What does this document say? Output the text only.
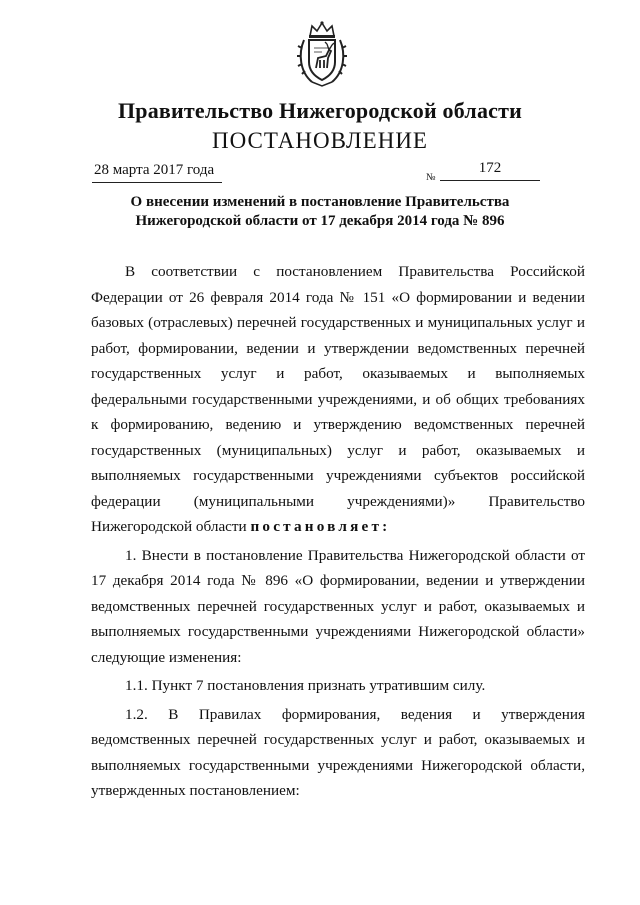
Правительство Нижегородской области
ПОСТАНОВЛЕНИЕ
28 марта 2017 года	№
172
О внесении изменений в постановление Правительства
Нижегородской области от 17 декабря 2014 года № 896

В соответствии с постановлением Правительства Российской Федерации от 26 февраля 2014 года № 151 «О формировании и ведении базовых (отраслевых) перечней государственных и муниципальных услуг и работ, формировании, ведении и утверждении ведомственных перечней государственных услуг и работ, оказываемых и выполняемых федеральными государственными учреждениями, и об общих требованиях к формированию, ведению и утверждению ведомственных перечней государственных (муниципальных) услуг и работ, оказываемых и выполняемых государственными учреждениями субъектов российской федерации (муниципальными учреждениями)» Правительство Нижегородской области постановляет:

1. Внести в постановление Правительства Нижегородской области от 17 декабря 2014 года № 896 «О формировании, ведении и утверждении ведомственных перечней государственных услуг и работ, оказываемых и выполняемых государственными учреждениями Нижегородской области» следующие изменения:

1.1. Пункт 7 постановления признать утратившим силу.

1.2. В Правилах формирования, ведения и утверждения ведомственных перечней государственных услуг и работ, оказываемых и выполняемых государственными учреждениями Нижегородской области, утвержденных постановлением:
